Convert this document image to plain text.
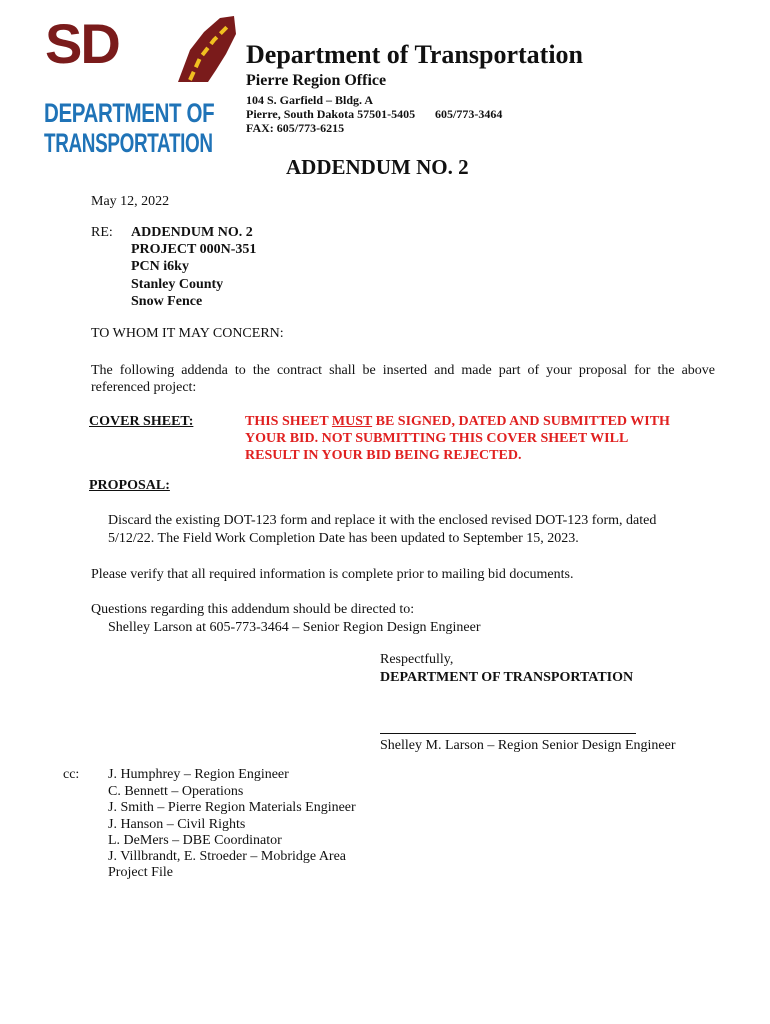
SD
DEPARTMENT OF
TRANSPORTATION
Department of Transportation
Pierre Region Office
104 S. Garfield – Bldg. A
Pierre, South Dakota 57501-5405 605/773-3464
FAX: 605/773-6215
ADDENDUM NO. 2
May 12, 2022
RE: ADDENDUM NO. 2
PROJECT 000N-351
PCN i6ky
Stanley County
Snow Fence
TO WHOM IT MAY CONCERN:
The following addenda to the contract shall be inserted and made part of your proposal for the above
referenced project:
COVER SHEET:	THIS SHEET MUST BE SIGNED, DATED AND SUBMITTED WITH
YOUR BID. NOT SUBMITTING THIS COVER SHEET WILL
RESULT IN YOUR BID BEING REJECTED.
PROPOSAL:
Discard the existing DOT-123 form and replace it with the enclosed revised DOT-123 form, dated
5/12/22. The Field Work Completion Date has been updated to September 15, 2023.
Please verify that all required information is complete prior to mailing bid documents.
Questions regarding this addendum should be directed to:
Shelley Larson at 605-773-3464 – Senior Region Design Engineer
Respectfully,
DEPARTMENT OF TRANSPORTATION
Shelley M. Larson – Region Senior Design Engineer
cc: J. Humphrey – Region Engineer
C. Bennett – Operations
J. Smith – Pierre Region Materials Engineer
J. Hanson – Civil Rights
L. DeMers – DBE Coordinator
J. Villbrandt, E. Stroeder – Mobridge Area
Project File
